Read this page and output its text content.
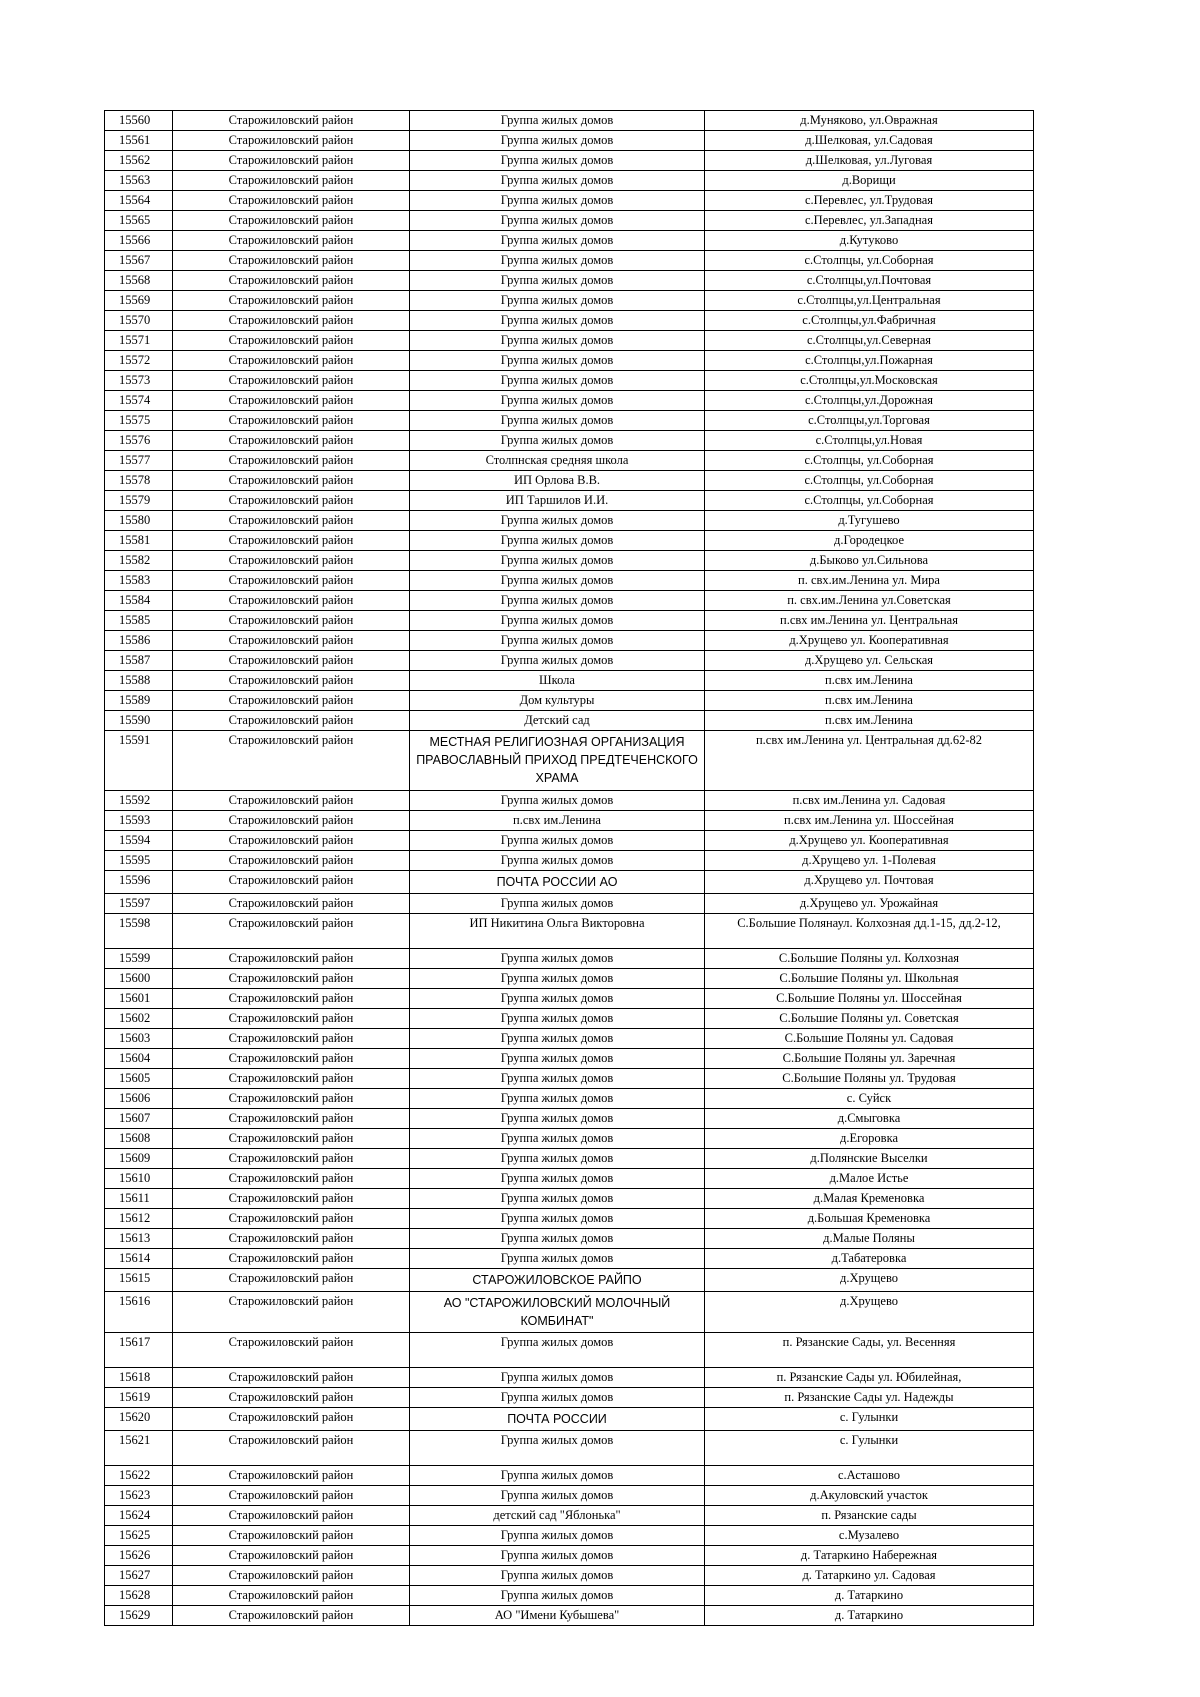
15560	Старожиловский район	Группа жилых домов	д.Муняково, ул.Овражная
15561	Старожиловский район	Группа жилых домов	д.Шелковая, ул.Садовая
15562	Старожиловский район	Группа жилых домов	д.Шелковая, ул.Луговая
15563	Старожиловский район	Группа жилых домов	д.Ворищи
15564	Старожиловский район	Группа жилых домов	с.Перевлес, ул.Трудовая
15565	Старожиловский район	Группа жилых домов	с.Перевлес, ул.Западная
15566	Старожиловский район	Группа жилых домов	д.Кутуково
15567	Старожиловский район	Группа жилых домов	с.Столпцы, ул.Соборная
15568	Старожиловский район	Группа жилых домов	с.Столпцы,ул.Почтовая
15569	Старожиловский район	Группа жилых домов	с.Столпцы,ул.Центральная
15570	Старожиловский район	Группа жилых домов	с.Столпцы,ул.Фабричная
15571	Старожиловский район	Группа жилых домов	с.Столпцы,ул.Северная
15572	Старожиловский район	Группа жилых домов	с.Столпцы,ул.Пожарная
15573	Старожиловский район	Группа жилых домов	с.Столпцы,ул.Московская
15574	Старожиловский район	Группа жилых домов	с.Столпцы,ул.Дорожная
15575	Старожиловский район	Группа жилых домов	с.Столпцы,ул.Торговая
15576	Старожиловский район	Группа жилых домов	с.Столпцы,ул.Новая
15577	Старожиловский район	Столпнская средняя школа	с.Столпцы, ул.Соборная
15578	Старожиловский район	ИП Орлова В.В.	с.Столпцы, ул.Соборная
15579	Старожиловский район	ИП Таршилов И.И.	с.Столпцы, ул.Соборная
15580	Старожиловский район	Группа жилых домов	д.Тугушево
15581	Старожиловский район	Группа жилых домов	д.Городецкое
15582	Старожиловский район	Группа жилых домов	д.Быково ул.Сильнова
15583	Старожиловский район	Группа жилых домов	п. свх.им.Ленина ул. Мира
15584	Старожиловский район	Группа жилых домов	п. свх.им.Ленина ул.Советская
15585	Старожиловский район	Группа жилых домов	п.свх им.Ленина ул. Центральная
15586	Старожиловский район	Группа жилых домов	д.Хрущево ул. Кооперативная
15587	Старожиловский район	Группа жилых домов	д.Хрущево ул. Сельская
15588	Старожиловский район	Школа	п.свх им.Ленина
15589	Старожиловский район	Дом культуры	п.свх им.Ленина
15590	Старожиловский район	Детский сад	п.свх им.Ленина
15591	Старожиловский район	МЕСТНАЯ РЕЛИГИОЗНАЯ ОРГАНИЗАЦИЯ ПРАВОСЛАВНЫЙ ПРИХОД ПРЕДТЕЧЕНСКОГО ХРАМА	п.свх им.Ленина ул. Центральная дд.62-82
15592	Старожиловский район	Группа жилых домов	п.свх им.Ленина ул. Садовая
15593	Старожиловский район	п.свх им.Ленина	п.свх им.Ленина ул. Шоссейная
15594	Старожиловский район	Группа жилых домов	д.Хрущево ул. Кооперативная
15595	Старожиловский район	Группа жилых домов	д.Хрущево ул. 1-Полевая
15596	Старожиловский район	ПОЧТА РОССИИ АО	д.Хрущево ул. Почтовая
15597	Старожиловский район	Группа жилых домов	д.Хрущево ул. Урожайная
15598	Старожиловский район	ИП Никитина Ольга Викторовна	С.Большие Полянаул. Колхозная дд.1-15, дд.2-12,
15599	Старожиловский район	Группа жилых домов	С.Большие Поляны ул. Колхозная
15600	Старожиловский район	Группа жилых домов	С.Большие Поляны ул. Школьная
15601	Старожиловский район	Группа жилых домов	С.Большие Поляны ул. Шоссейная
15602	Старожиловский район	Группа жилых домов	С.Большие Поляны ул. Советская
15603	Старожиловский район	Группа жилых домов	С.Большие Поляны ул. Садовая
15604	Старожиловский район	Группа жилых домов	С.Большие Поляны ул. Заречная
15605	Старожиловский район	Группа жилых домов	С.Большие Поляны ул. Трудовая
15606	Старожиловский район	Группа жилых домов	с. Суйск
15607	Старожиловский район	Группа жилых домов	д.Смыговка
15608	Старожиловский район	Группа жилых домов	д.Егоровка
15609	Старожиловский район	Группа жилых домов	д.Полянские Выселки
15610	Старожиловский район	Группа жилых домов	д.Малое Истье
15611	Старожиловский район	Группа жилых домов	д.Малая Кременовка
15612	Старожиловский район	Группа жилых домов	д.Большая Кременовка
15613	Старожиловский район	Группа жилых домов	д.Малые Поляны
15614	Старожиловский район	Группа жилых домов	д.Табатеровка
15615	Старожиловский район	СТАРОЖИЛОВСКОЕ РАЙПО	д.Хрущево
15616	Старожиловский район	АО "СТАРОЖИЛОВСКИЙ МОЛОЧНЫЙ КОМБИНАТ"	д.Хрущево
15617	Старожиловский район	Группа жилых домов	п. Рязанские Сады, ул. Весенняя
15618	Старожиловский район	Группа жилых домов	п. Рязанские Сады ул. Юбилейная,
15619	Старожиловский район	Группа жилых домов	п. Рязанские Сады ул. Надежды
15620	Старожиловский район	ПОЧТА РОССИИ	с. Гулынки
15621	Старожиловский район	Группа жилых домов	с. Гулынки
15622	Старожиловский район	Группа жилых домов	с.Асташово
15623	Старожиловский район	Группа жилых домов	д.Акуловский участок
15624	Старожиловский район	детский сад "Яблонька"	п. Рязанские сады
15625	Старожиловский район	Группа жилых домов	с.Музалево
15626	Старожиловский район	Группа жилых домов	д. Татаркино Набережная
15627	Старожиловский район	Группа жилых домов	д. Татаркино ул. Садовая
15628	Старожиловский район	Группа жилых домов	д. Татаркино
15629	Старожиловский район	АО "Имени Кубышева"	д. Татаркино
